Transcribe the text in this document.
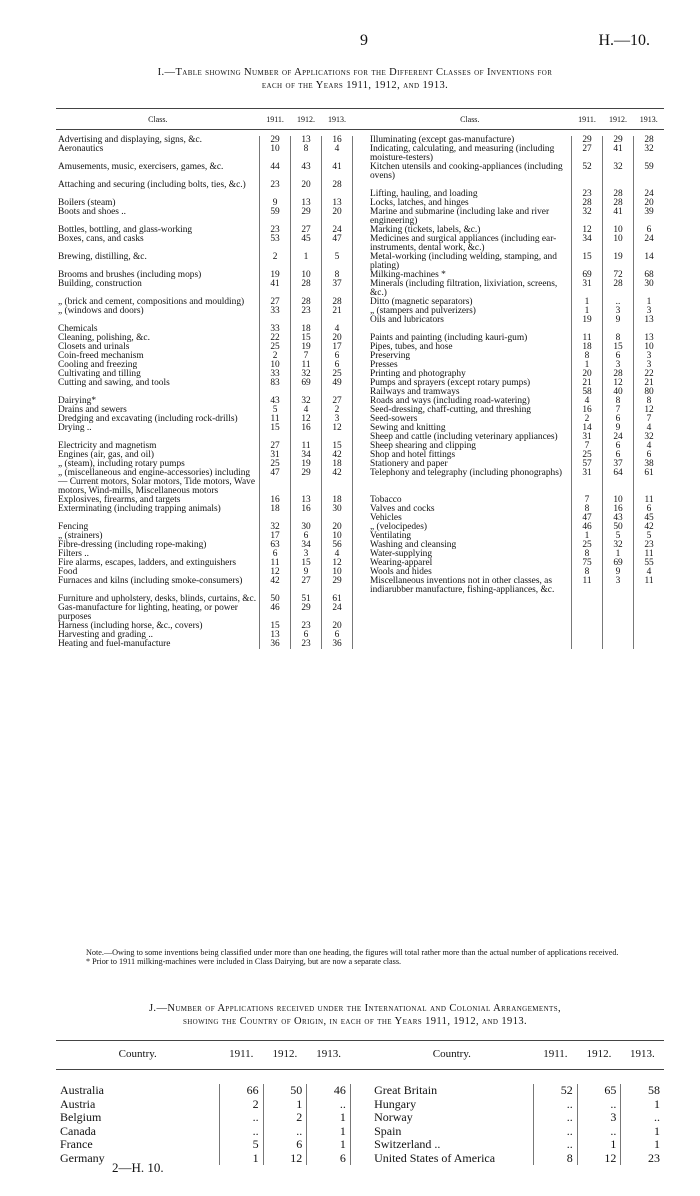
9	H.—10.
I.—Table showing Number of Applications for the Different Classes of Inventions for
each of the Years 1911, 1912, and 1913.
Class.	1911.	1912.	1913.		Class.	1911.	1912.	1913.

Advertising and displaying, signs, &c.	29	13	16		Illuminating (except gas-manufacture)	29	29	28
Aeronautics	10	8	4		Indicating, calculating, and measuring (including moisture-testers)	27	41	32
Amusements, music, exercisers, games, &c.	44	43	41		Kitchen utensils and cooking-appliances (including ovens)	52	32	59
Attaching and securing (including bolts, ties, &c.)	23	20	28					
					Lifting, hauling, and loading	23	28	24
Boilers (steam)	9	13	13		Locks, latches, and hinges	28	28	20
Boots and shoes ..	59	29	20		Marine and submarine (including lake and river engineering)	32	41	39
Bottles, bottling, and glass-working	23	27	24		Marking (tickets, labels, &c.)	12	10	6
Boxes, cans, and casks	53	45	47		Medicines and surgical appliances (including ear-instruments, dental work, &c.)	34	10	24
Brewing, distilling, &c.	2	1	5		Metal-working (including welding, stamping, and plating)	15	19	14
Brooms and brushes (including mops)	19	10	8		Milking-machines *	69	72	68
Building, construction	41	28	37		Minerals (including filtration, lixiviation, screens, &c.)	31	28	30
„ (brick and cement, compositions and moulding)	27	28	28		Ditto (magnetic separators)	1	..	1
„ (windows and doors)	33	23	21		„ (stampers and pulverizers)	1	3	3
					Oils and lubricators	19	9	13
Chemicals	33	18	4					
Cleaning, polishing, &c.	22	15	20		Paints and painting (including kauri-gum)	11	8	13
Closets and urinals	25	19	17		Pipes, tubes, and hose	18	15	10
Coin-freed mechanism	2	7	6		Preserving	8	6	3
Cooling and freezing	10	11	6		Presses	1	3	3
Cultivating and tilling	33	32	25		Printing and photography	20	28	22
Cutting and sawing, and tools	83	69	49		Pumps and sprayers (except rotary pumps)	21	12	21
					Railways and tramways	58	40	80
Dairying*	43	32	27		Roads and ways (including road-watering)	4	8	8
Drains and sewers	5	4	2		Seed-dressing, chaff-cutting, and threshing	16	7	12
Dredging and excavating (including rock-drills)	11	12	3		Seed-sowers	2	6	7
Drying ..	15	16	12		Sewing and knitting	14	9	4
					Sheep and cattle (including veterinary appliances)	31	24	32
Electricity and magnetism	27	11	15		Sheep shearing and clipping	7	6	4
Engines (air, gas, and oil)	31	34	42		Shop and hotel fittings	25	6	6
„ (steam), including rotary pumps	25	19	18		Stationery and paper	57	37	38
„ (miscellaneous and engine-accessories) including— Current motors, Solar motors, Tide motors, Wave motors, Wind-mills, Miscellaneous motors	47	29	42		Telephony and telegraphy (including phonographs)	31	64	61
Explosives, firearms, and targets	16	13	18		Tobacco	7	10	11
Exterminating (including trapping animals)	18	16	30		Valves and cocks	8	16	6
					Vehicles	47	43	45
Fencing	32	30	20		„ (velocipedes)	46	50	42
„ (strainers)	17	6	10		Ventilating	1	5	5
Fibre-dressing (including rope-making)	63	34	56		Washing and cleansing	25	32	23
Filters ..	6	3	4		Water-supplying	8	1	11
Fire alarms, escapes, ladders, and extinguishers	11	15	12		Wearing-apparel	75	69	55
Food	12	9	10		Wools and hides	8	9	4
Furnaces and kilns (including smoke-consumers)	42	27	29		Miscellaneous inventions not in other classes, as indiarubber manufacture, fishing-appliances, &c.	11	3	11
Furniture and upholstery, desks, blinds, curtains, &c.	50	51	61					
Gas-manufacture for lighting, heating, or power purposes	46	29	24					
Harness (including horse, &c., covers)	15	23	20					
Harvesting and grading ..	13	6	6					
Heating and fuel-manufacture	36	23	36					

Note.—Owing to some inventions being classified under more than one heading, the figures will total rather more than the actual number of applications received.

* Prior to 1911 milking-machines were included in Class Dairying, but are now a separate class.

J.—Number of Applications received under the International and Colonial Arrangements,
showing the Country of Origin, in each of the Years 1911, 1912, and 1913.
Country.	1911.	1912.	1913.		Country.	1911.	1912.	1913.

Australia	66	50	46		Great Britain	52	65	58
Austria	2	1	..		Hungary	..	..	1
Belgium	..	2	1		Norway	..	3	..
Canada	..	..	1		Spain	..	..	1
France	5	6	1		Switzerland ..	..	1	1
Germany	1	12	6		United States of America	8	12	23
2—H. 10.
